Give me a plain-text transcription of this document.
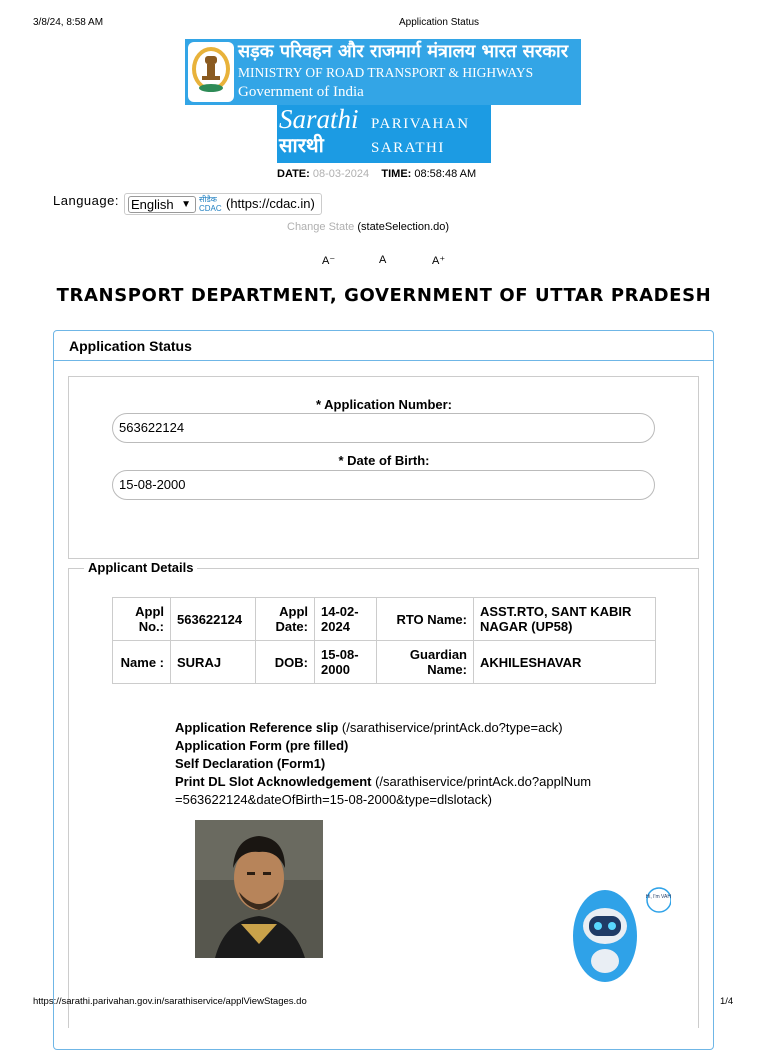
3/8/24, 8:58 AM	Application Status
सड़क परिवहन और राजमार्ग मंत्रालय भारत सरकार
MINISTRY OF ROAD TRANSPORT & HIGHWAYS
Government of India
Sarathi
सारथी
PARIVAHAN
SARATHI
DATE: 08-03-2024 TIME: 08:58:48 AM
Language: English ▼ सीडैक
CDAC (https://cdac.in)
Change State (stateSelection.do)
A⁻	A	A⁺
TRANSPORT DEPARTMENT, GOVERNMENT OF UTTAR PRADESH
Application Status
* Application Number:
563622124
* Date of Birth:
15-08-2000
Applicant Details
Appl No.:	563622124	Appl Date:	14-02-2024	RTO Name:	ASST.RTO, SANT KABIR NAGAR (UP58)
Name :	SURAJ	DOB:	15-08-2000	Guardian Name:	AKHILESHAVAR
Application Reference slip (/sarathiservice/printAck.do?type=ack)
Application Form (pre filled)
Self Declaration (Form1)
Print DL Slot Acknowledgement (/sarathiservice/printAck.do?applNum=563622124&dateOfBirth=15-08-2000&type=dlslotack)
Hi, I'm VAHI
https://sarathi.parivahan.gov.in/sarathiservice/applViewStages.do	1/4
